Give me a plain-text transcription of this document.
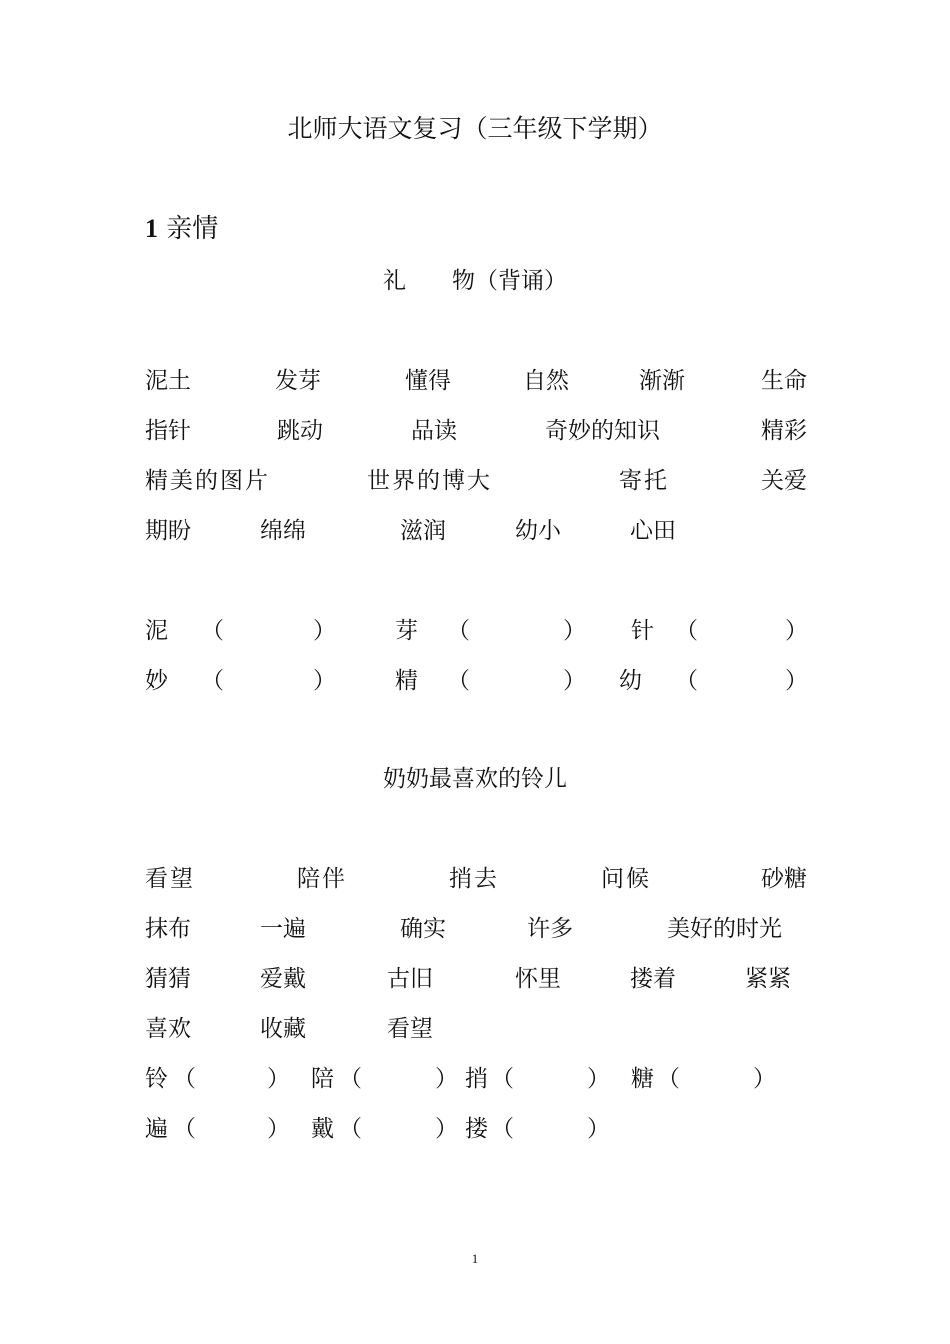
北师大语文复习（三年级下学期）
1 亲情
礼　　物（背诵）
泥土	发芽	懂得	自然	渐渐	生命
指针	跳动	品读	奇妙的知识	精彩
精美的图片	世界的博大	寄托	关爱
期盼	绵绵	滋润	幼小	心田
泥 （	）	芽 （	） 针 （	）
妙 （	）	精 （	） 幼 （	）
奶奶最喜欢的铃儿
看望	陪伴	捎去	问候	砂糖
抹布	一遍	确实	许多	美好的时光
猜猜	爱戴	古旧	怀里	搂着	紧紧
喜欢	收藏	看望
铃 （	） 陪 （	） 捎 （	） 糖 （	）
遍 （	） 戴 （	） 搂 （	）
1
